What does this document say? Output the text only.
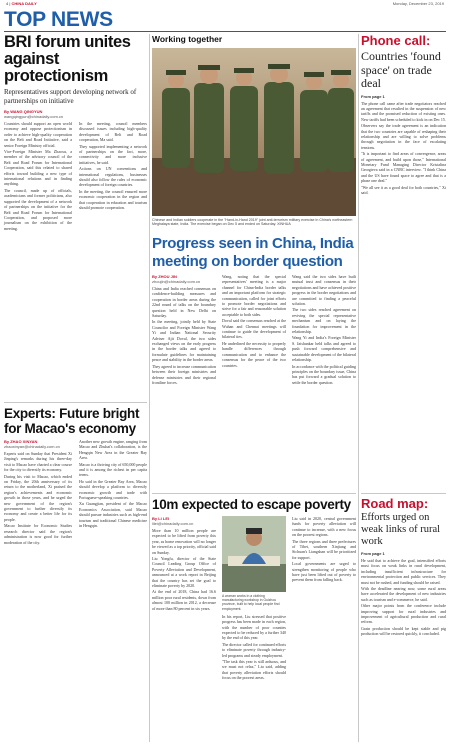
4 | CHINA DAILY	Monday, December 23, 2019
TOP NEWS
BRI forum unites against protectionism
Representatives support developing network of partnerships on initiative
By WANG QINGYUN
wangqingyun@chinadaily.com.cn

Countries should support an open world economy and oppose protectionism in order to achieve high-quality cooperation on the Belt and Road Initiative, said a senior Foreign Ministry official.

Vice-Foreign Minister Ma Zhaoxu, a member of the advisory council of the Belt and Road Forum for International Cooperation, said this related to shared efforts toward building a new type of international relations and in finding anything.

The council, made up of officials, academicians and former politicians, also supported the development of a network of partnerships on the initiative for the Belt and Road Forum for International Cooperation, and proposed more journalism on the exhibition of the meeting.

In the meeting, council members discussed issues including high-quality development of Belt and Road cooperation, Ma said.

They supported implementing a network of partnerships on the fact, more, connectivity and more inclusive initiatives, he said.

Actions on UN conventions and international regulations, businesses should also follow the rules of economic development of foreign countries.

In the meeting, the council ensured more economic cooperation in the region and that cooperation in education and tourism should promote cooperation.

Working together
Chinese and Indian soldiers cooperate in the "Hand-in-Hand 2019" joint anti-terrorism military exercise in China's northeastern Meghalaya state, India. The exercise began on Dec 5 and ended on Saturday. XINHUA
Progress seen in China, India meeting on border question
By ZHOU JIN
zhoujin@chinadaily.com.cn

China and India reached consensus on confidence-building measures and cooperation in border areas during the 22nd round of talks on the boundary question held in New Delhi on Saturday.

In the meeting, jointly held by State Councilor and Foreign Minister Wang Yi and Indian National Security Adviser Ajit Doval, the two sides exchanged views on the early progress in the border talks and agreed to formulate guidelines for maintaining peace and stability in the border areas.

They agreed to increase communication between their foreign ministries and defense ministries and their regional frontline forces.

Wang, noting that the special representatives' meeting is a major channel for China-India border talks and an important platform for strategic communication, called for joint efforts to promote border negotiations and strive for a fair and reasonable solution acceptable to both sides.

Doval said the consensus reached at the Wuhan and Chennai meetings will continue to guide the development of bilateral ties.

He underlined the necessity to properly handle differences through communication and to enhance the consensus for the peace of the two countries.

Wang said the two sides have built mutual trust and consensus in their negotiations and have achieved positive progress in the border negotiations and are committed to finding a peaceful solution.

The two sides reached agreement on reviving the special representative mechanism and on laying the foundation for improvement in the relationship.

Wang Yi and India's Foreign Minister S. Jaishankar held talks and agreed to push forward comprehensive and sustainable development of the bilateral relationship.

In accordance with the political guiding principles on the boundary issue, China has put forward a gradual solution to settle the border question.

Phone call:
Countries 'found space' on trade deal
From page 1

The phone call came after trade negotiators reached an agreement that resulted in the suspension of new tariffs and the promised reduction of existing ones. New tariffs had been scheduled to kick in on Dec 15.

Observers say the trade agreement is an indication that the two countries are capable of reshaping their relationship and are willing to solve problems through negotiation in the face of escalating tensions.

"It is important to find areas of convergence, areas of agreement, and build upon those," International Monetary Fund Managing Director Kristalina Georgieva said in a CNBC interview. "I think China and the US have found space to agree and that is a phase one deal."

"We all see it as a good deal for both countries," Xi said.

Experts: Future bright for Macao's economy
By ZHAO XINYAN
zhaoxinyan@chinadaily.com.cn

Experts said on Sunday that President Xi Jinping's remarks during his three-day visit to Macao have charted a clear course for the city to diversify its economy.

During his visit to Macao, which ended on Friday, the 20th anniversary of its return to the motherland, Xi praised the region's achievements and economic growth in those years, and he urged the new government of the region's government to further diversify its economy and create a better life for its people.

Macao Institute for Economic Studies research director said the region's administration is now good for further moderation of the city.

Another new growth engine, ranging from Macao and Zhuhai's collaboration, is the Hengqin New Area in the Greater Bay Area.

Macao is a thriving city of 650,000 people and it is among the richest in per capita terms.

Ho said in the Greater Bay Area, Macao should develop a platform to diversify economic growth and trade with Portuguese-speaking countries.

Xu Guangjian, president of the Macao Economics Association, said Macao should pursue industries such as high-end tourism and traditional Chinese medicine in Hengqin.

10m expected to escape poverty
By LI LEI
lilei@chinadaily.com.cn

More than 10 million people are expected to be lifted from poverty this year, as home renovation will no longer be viewed as a top priority, official said on Sunday.

Liu Yongfu, director of the State Council Leading Group Office of Poverty Alleviation and Development, announced at a work report in Beijing that the country has set the goal to eliminate poverty by 2020.

At the end of 2018, China had 16.6 million poor rural residents, down from almost 100 million in 2012, a decrease of more than 80 percent in six years.

A woman works in a clothing manufacturing workshop in Guizhou province, built to help local people find employment.

In his report, Liu stressed that positive progress has been made in each region, with the number of poor counties expected to be reduced by a further 340 by the end of this year.

The director called for continued efforts to eliminate poverty through industry-led programs and steady employment.

"The task this year is still arduous, and we must not relax," Liu said, adding that poverty alleviation efforts should focus on the poorest areas.

Liu said in 2020, central government funds for poverty alleviation will continue to increase, with a new focus on the poorest regions.

The three regions and three prefectures of Tibet, southern Xinjiang and Sichuan's Liangshan will be prioritized for support.

Local governments are urged to strengthen monitoring of people who have just been lifted out of poverty to prevent them from falling back.

Road map:
Efforts urged on weak links of rural work
From page 1

He said that to achieve the goal, intensified efforts must focus on weak links in rural development, including insufficient infrastructure for environmental protection and public services. They must not be rushed, and funding should be raised.

With the deadline nearing now, some rural areas have accelerated the development of new industries such as tourism and e-commerce, he said.

Other major points from the conference include improving support for rural industries and improvement of agricultural production and rural reform.

Grain production should be kept stable and pig production will be restored quickly, it concluded.
